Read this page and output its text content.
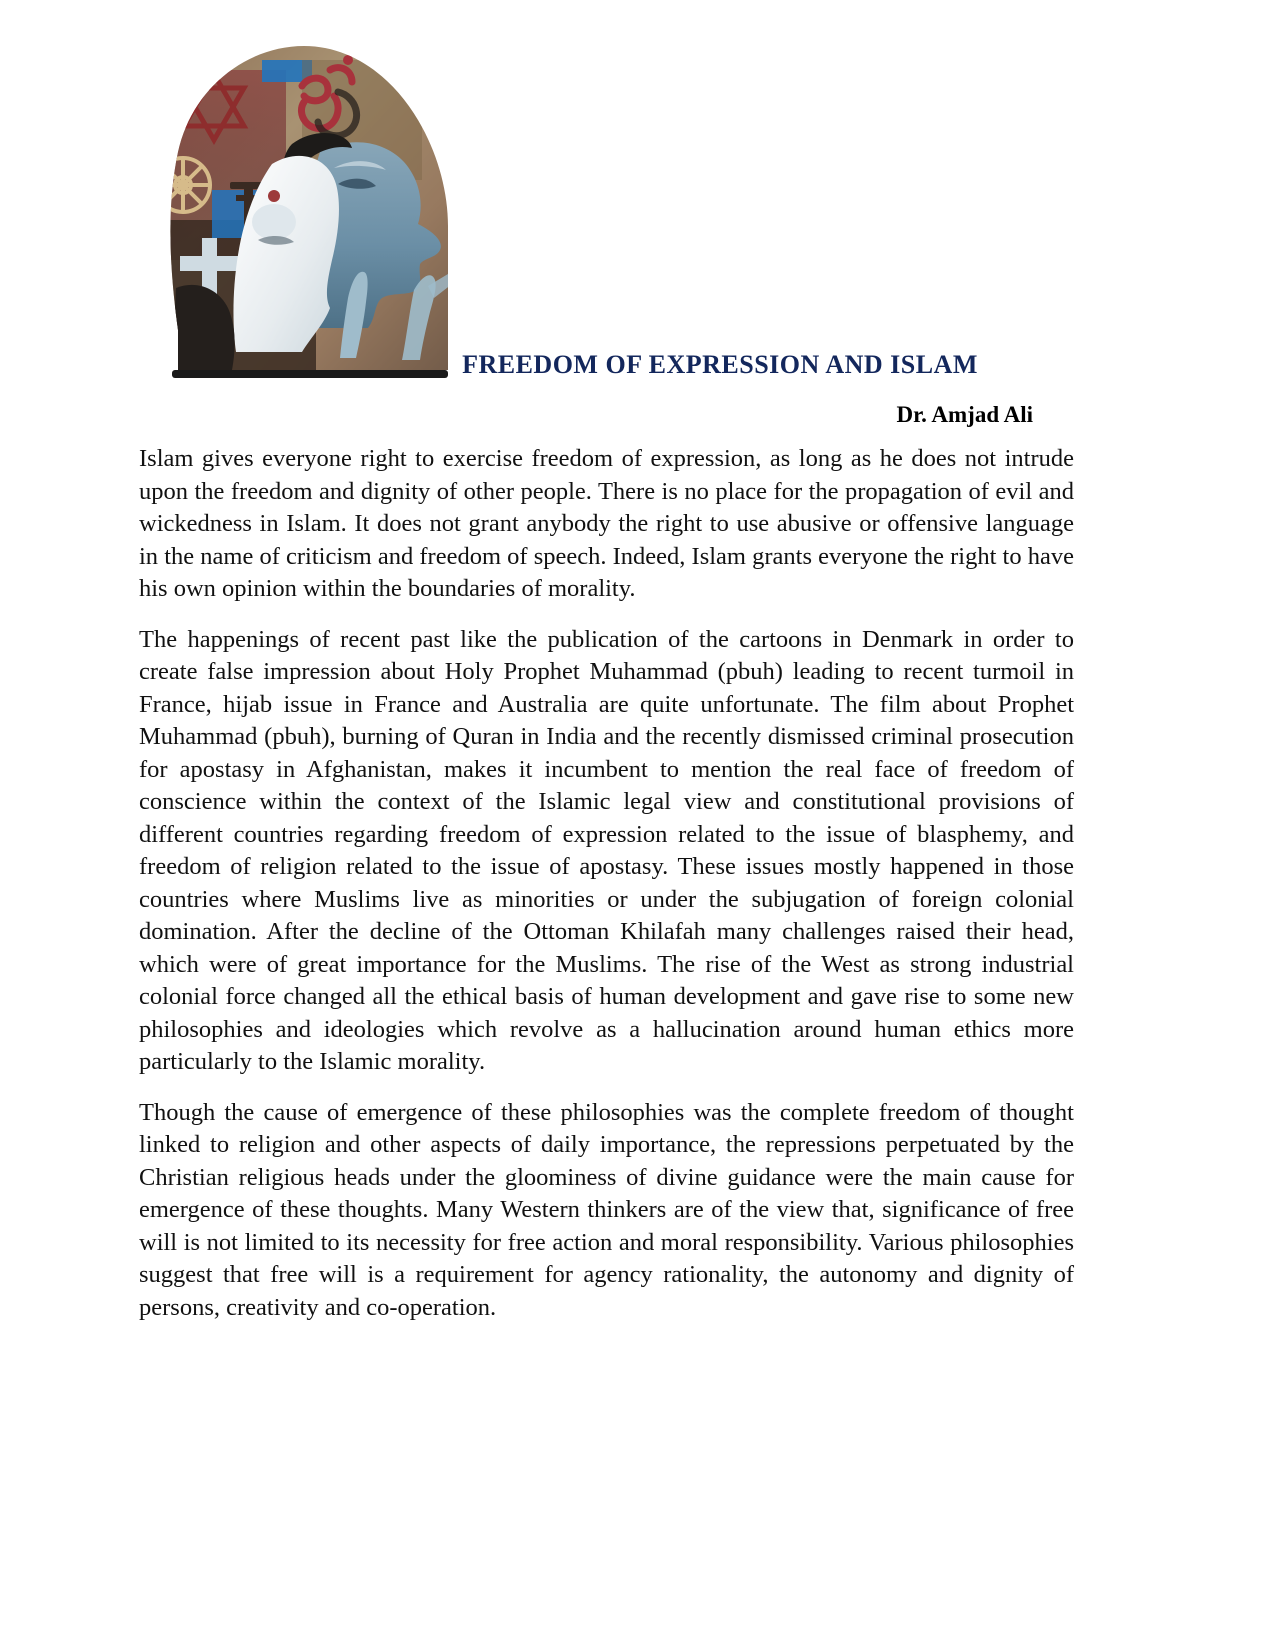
FREEDOM OF EXPRESSION AND ISLAM

Dr. Amjad Ali

Islam gives everyone right to exercise freedom of expression, as long as he does not intrude upon the freedom and dignity of other people. There is no place for the propagation of evil and wickedness in Islam. It does not grant anybody the right to use abusive or offensive language in the name of criticism and freedom of speech. Indeed, Islam grants everyone the right to have his own opinion within the boundaries of morality.

The happenings of recent past like the publication of the cartoons in Denmark in order to create false impression about Holy Prophet Muhammad (pbuh) leading to recent turmoil in France, hijab issue in France and Australia are quite unfortunate. The film about Prophet Muhammad (pbuh), burning of Quran in India and the recently dismissed criminal prosecution for apostasy in Afghanistan, makes it incumbent to mention the real face of freedom of conscience within the context of the Islamic legal view and constitutional provisions of different countries regarding freedom of expression related to the issue of blasphemy, and freedom of religion related to the issue of apostasy. These issues mostly happened in those countries where Muslims live as minorities or under the subjugation of foreign colonial domination. After the decline of the Ottoman Khilafah many challenges raised their head, which were of great importance for the Muslims. The rise of the West as strong industrial colonial force changed all the ethical basis of human development and gave rise to some new philosophies and ideologies which revolve as a hallucination around human ethics more particularly to the Islamic morality.

Though the cause of emergence of these philosophies was the complete freedom of thought linked to religion and other aspects of daily importance, the repressions perpetuated by the Christian religious heads under the gloominess of divine guidance were the main cause for emergence of these thoughts. Many Western thinkers are of the view that, significance of free will is not limited to its necessity for free action and moral responsibility. Various philosophies suggest that free will is a requirement for agency rationality, the autonomy and dignity of persons, creativity and co-operation.
